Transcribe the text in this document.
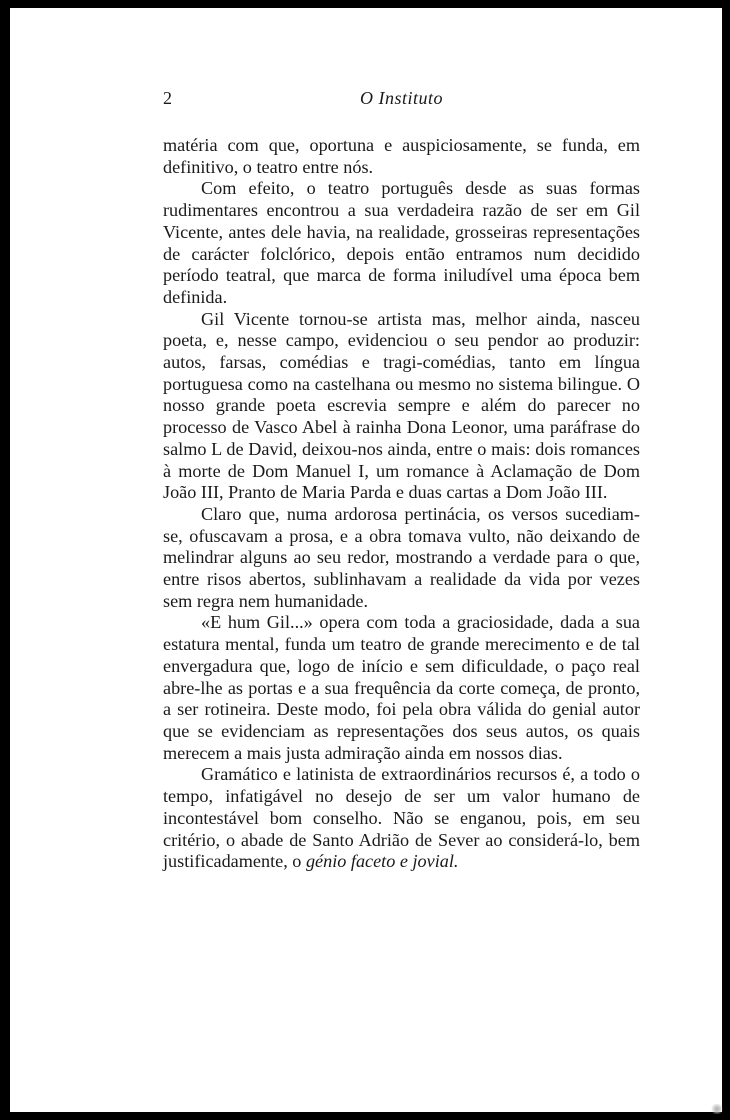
2	O Instituto

matéria com que, oportuna e auspiciosamente, se funda, em definitivo, o teatro entre nós.

Com efeito, o teatro português desde as suas formas rudimentares encontrou a sua verdadeira razão de ser em Gil Vicente, antes dele havia, na realidade, grosseiras representações de carácter folclórico, depois então entramos num decidido período teatral, que marca de forma iniludível uma época bem definida.

Gil Vicente tornou-se artista mas, melhor ainda, nasceu poeta, e, nesse campo, evidenciou o seu pendor ao produzir: autos, farsas, comédias e tragi-comédias, tanto em língua portuguesa como na castelhana ou mesmo no sistema bilingue. O nosso grande poeta escrevia sempre e além do parecer no processo de Vasco Abel à rainha Dona Leonor, uma paráfrase do salmo L de David, deixou-nos ainda, entre o mais: dois romances à morte de Dom Manuel I, um romance à Aclamação de Dom João III, Pranto de Maria Parda e duas cartas a Dom João III.

Claro que, numa ardorosa pertinácia, os versos sucediam-se, ofuscavam a prosa, e a obra tomava vulto, não deixando de melindrar alguns ao seu redor, mostrando a verdade para o que, entre risos abertos, sublinhavam a realidade da vida por vezes sem regra nem humanidade.

«E hum Gil...» opera com toda a graciosidade, dada a sua estatura mental, funda um teatro de grande merecimento e de tal envergadura que, logo de início e sem dificuldade, o paço real abre-lhe as portas e a sua frequência da corte começa, de pronto, a ser rotineira. Deste modo, foi pela obra válida do genial autor que se evidenciam as representações dos seus autos, os quais merecem a mais justa admiração ainda em nossos dias.

Gramático e latinista de extraordinários recursos é, a todo o tempo, infatigável no desejo de ser um valor humano de incontestável bom conselho. Não se enganou, pois, em seu critério, o abade de Santo Adrião de Sever ao considerá-lo, bem justificadamente, o génio faceto e jovial.
